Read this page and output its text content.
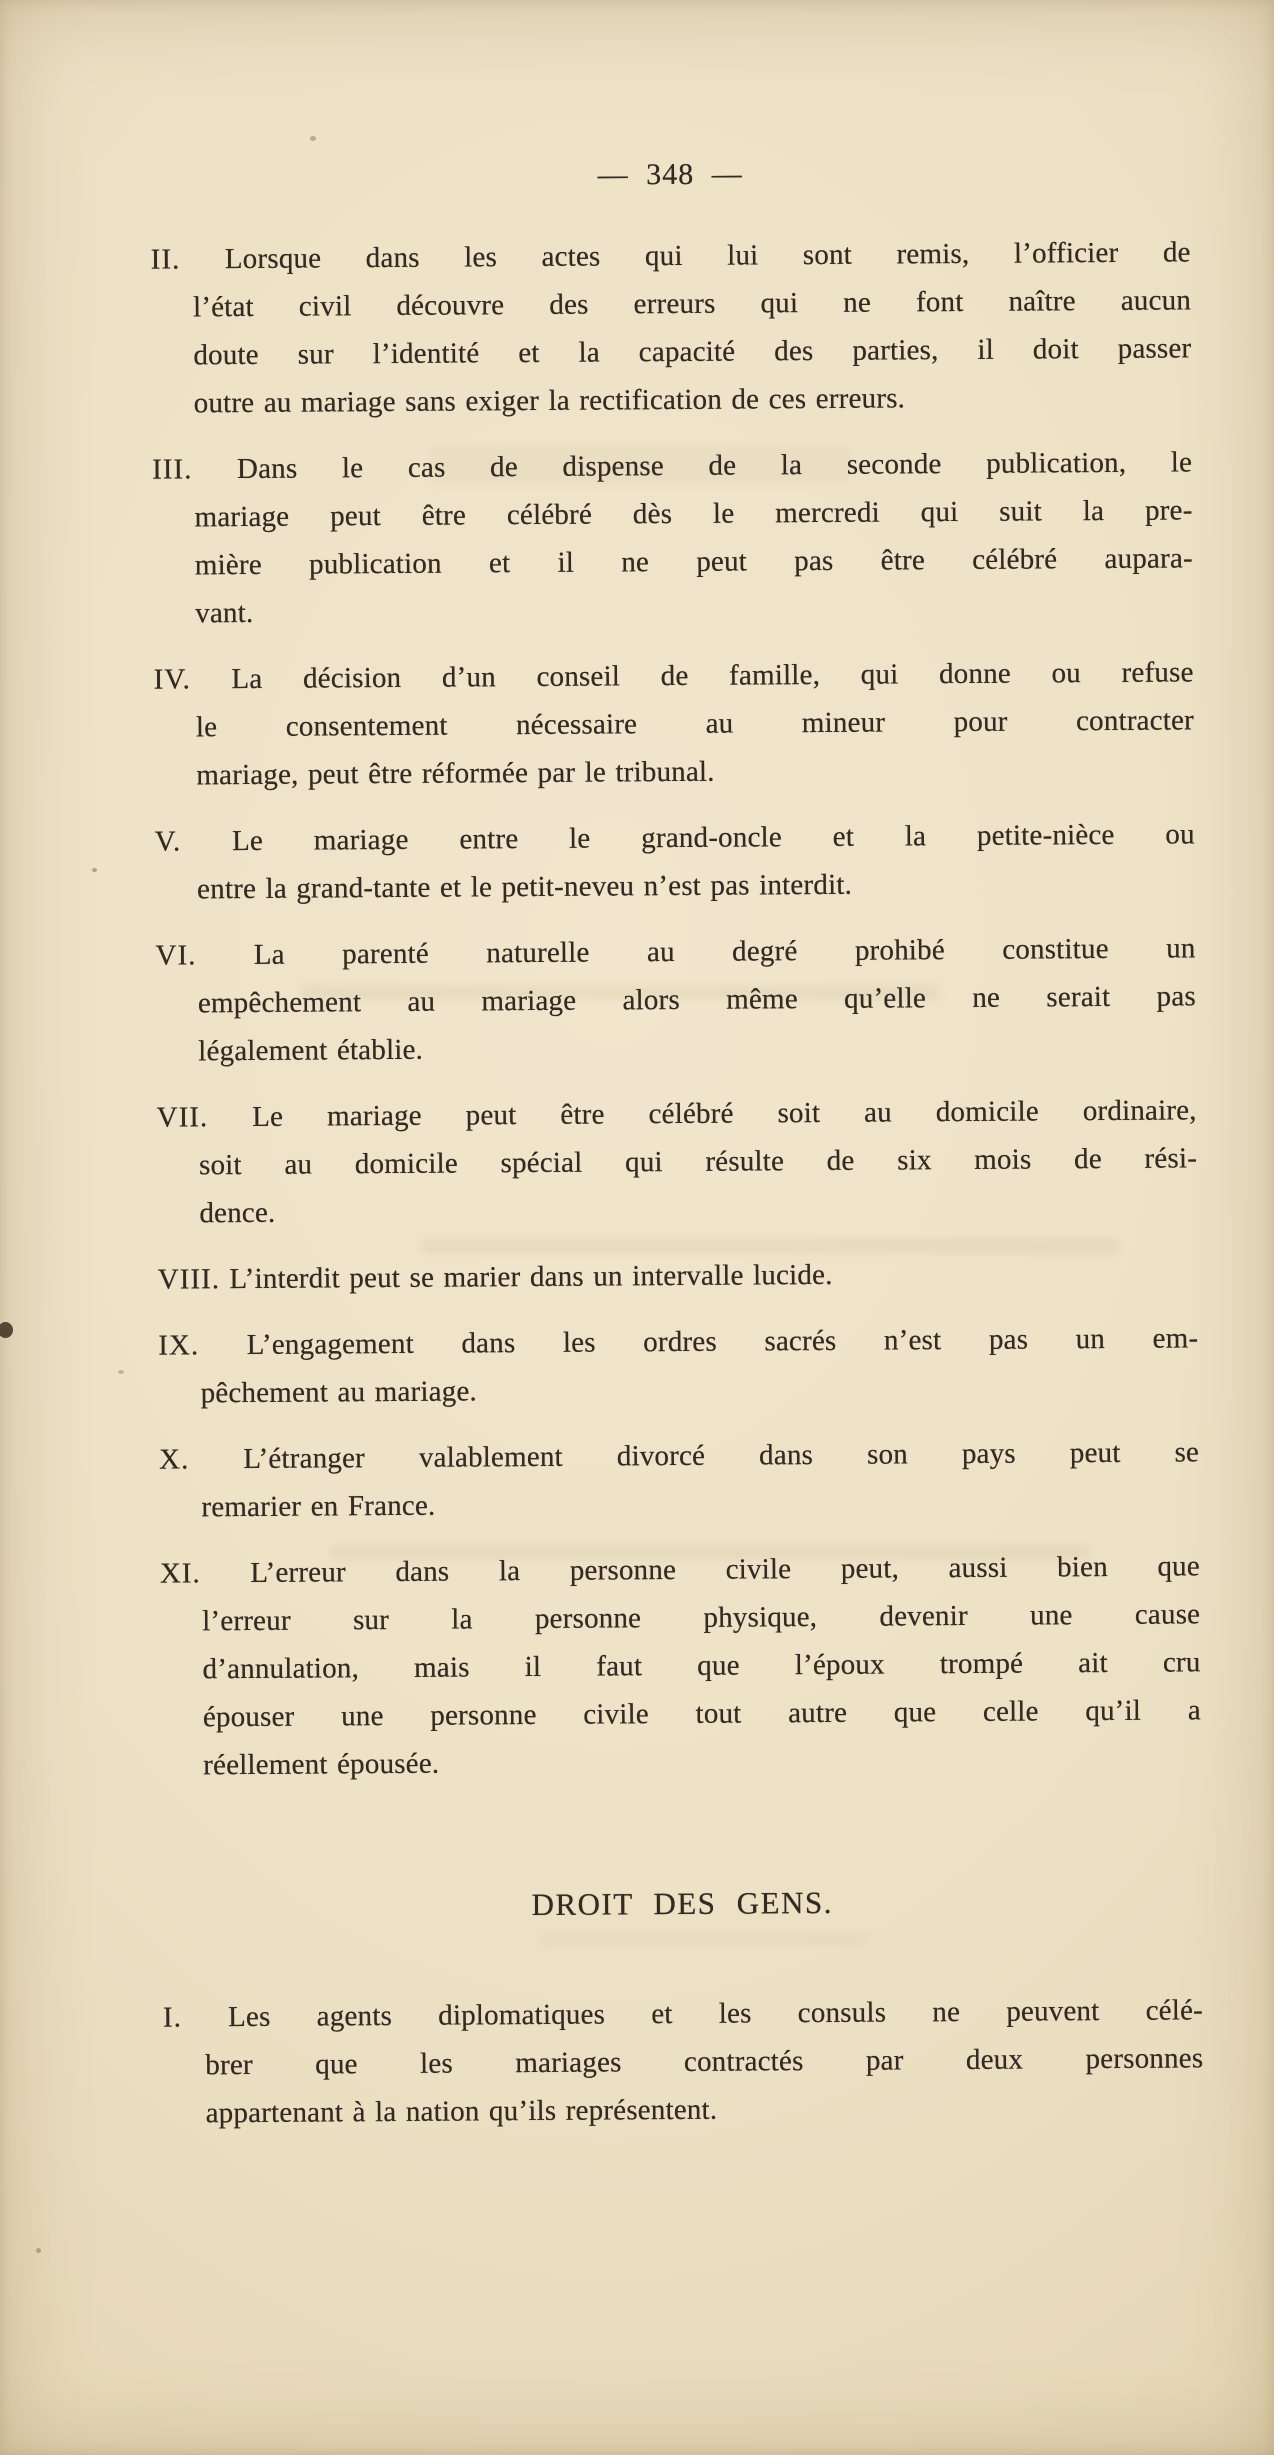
— 348 —
II. Lorsque dans les actes qui lui sont remis, l’officier de
l’état civil découvre des erreurs qui ne font naître aucun
doute sur l’identité et la capacité des parties, il doit passer
outre au mariage sans exiger la rectification de ces erreurs.
III. Dans le cas de dispense de la seconde publication, le
mariage peut être célébré dès le mercredi qui suit la pre-
mière publication et il ne peut pas être célébré aupara-
vant.
IV. La décision d’un conseil de famille, qui donne ou refuse
le consentement nécessaire au mineur pour contracter
mariage, peut être réformée par le tribunal.
V. Le mariage entre le grand-oncle et la petite-nièce ou
entre la grand-tante et le petit-neveu n’est pas interdit.
VI. La parenté naturelle au degré prohibé constitue un
empêchement au mariage alors même qu’elle ne serait pas
légalement établie.
VII. Le mariage peut être célébré soit au domicile ordinaire,
soit au domicile spécial qui résulte de six mois de rési-
dence.
VIII. L’interdit peut se marier dans un intervalle lucide.
IX. L’engagement dans les ordres sacrés n’est pas un em-
pêchement au mariage.
X. L’étranger valablement divorcé dans son pays peut se
remarier en France.
XI. L’erreur dans la personne civile peut, aussi bien que
l’erreur sur la personne physique, devenir une cause
d’annulation, mais il faut que l’époux trompé ait cru
épouser une personne civile tout autre que celle qu’il a
réellement épousée.
DROIT DES GENS.
I. Les agents diplomatiques et les consuls ne peuvent célé-
brer que les mariages contractés par deux personnes
appartenant à la nation qu’ils représentent.
